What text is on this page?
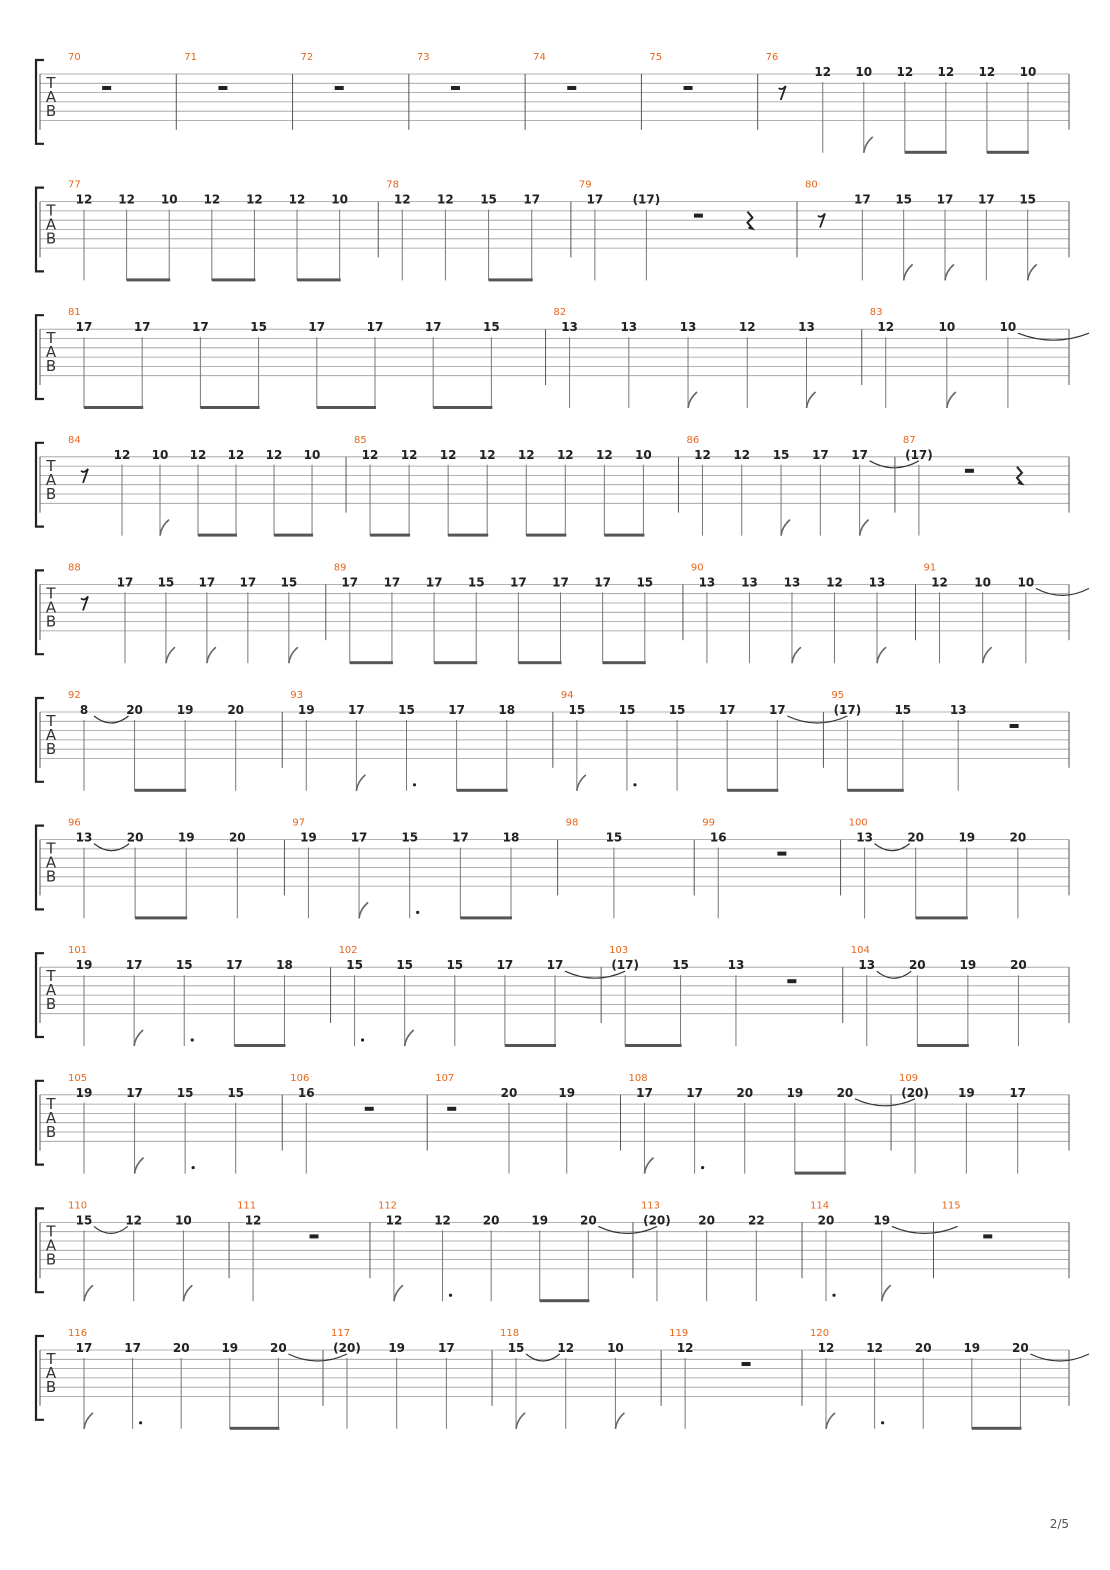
T
A
B
70	71	72	73	74	75	76
12 10 12 12 12 10
T
A
B
77
12 12 10 12 12 12 10
78
12 12 15 17
79
17 (17)
80
17 15 17 17 15
T
A
B
81
17	17	17	15	17	17	17	15
82
13	13	13	12	13
83
12	10	10
T
A
B
84
12 10 12 12 12 10
85
12 12 12 12 12 12 12 10
86
12 12 15 17 17
87
(17)
T
A
B
88
17 15 17 17 15
89
17 17 17 15 17 17 17 15
90
13 13 13 12 13
91
12 10 10
T
A
B
92
8	20	19	20
93
19	17	15	17	18
94
15	15	15	17	17
95
(17)	15	13
T
A
B
96
13	20	19	20
97
19	17	15	17	18
98
15
99
16
100
13	20	19	20
T
A
B
101
19	17	15	17	18
102
15	15	15	17	17
103
(17)	15	13
104
13	20	19	20
T
A
B
105
19	17	15	15
106
16
107
20	19
108
17	17	20	19	20
109
(20) 19	17
T
A
B
110
15	12	10
111
12
112
12	12	20	19	20
113
(20) 20	22
114
20	19
115
T
A
B
116
17	17	20	19	20
117
(20) 19	17
118
15	12	10
119
12
120
12	12	20	19	20
2/5
